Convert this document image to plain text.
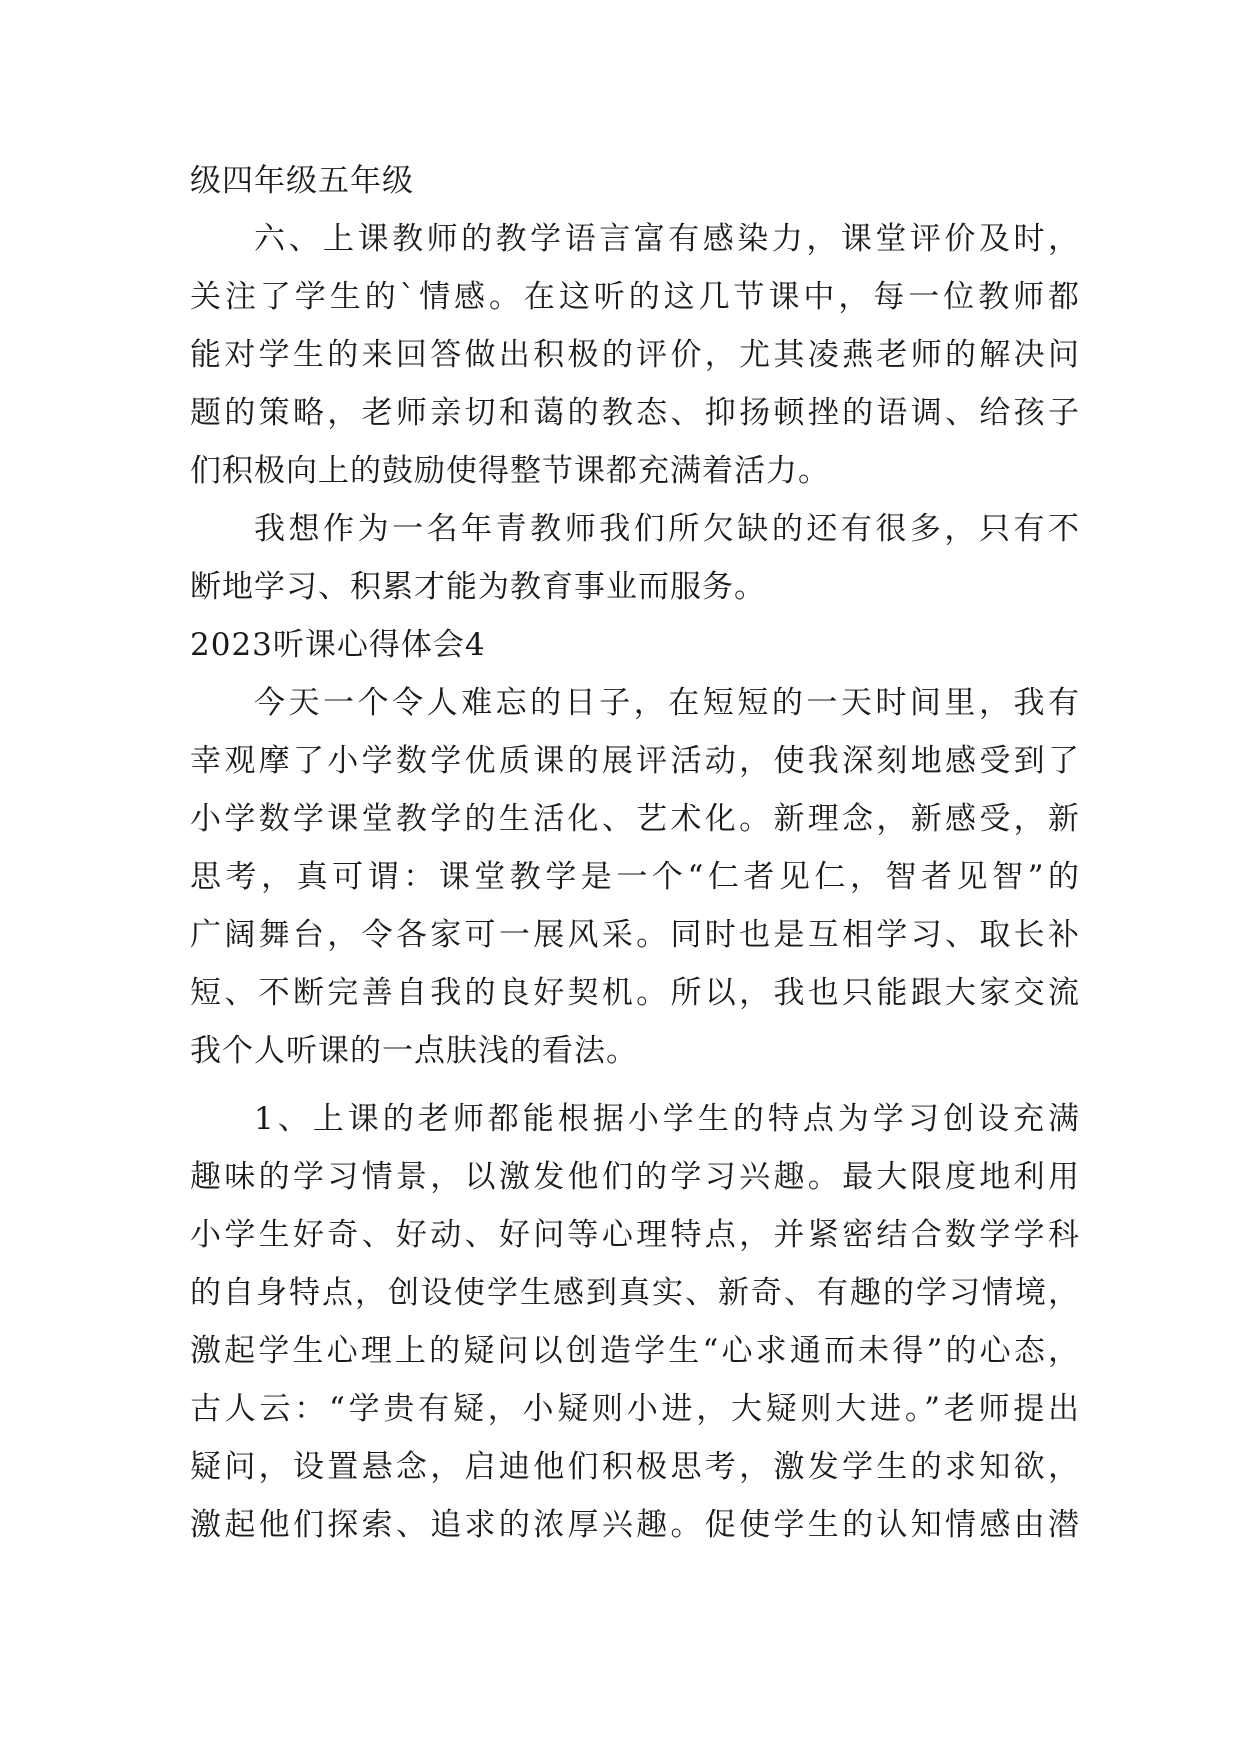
级四年级五年级
六、上课教师的教学语言富有感染力，课堂评价及时，
关注了学生的`情感。在这听的这几节课中，每一位教师都
能对学生的来回答做出积极的评价，尤其凌燕老师的解决问
题的策略，老师亲切和蔼的教态、抑扬顿挫的语调、给孩子
们积极向上的鼓励使得整节课都充满着活力。
我想作为一名年青教师我们所欠缺的还有很多，只有不
断地学习、积累才能为教育事业而服务。
2023听课心得体会4
今天一个令人难忘的日子，在短短的一天时间里，我有
幸观摩了小学数学优质课的展评活动，使我深刻地感受到了
小学数学课堂教学的生活化、艺术化。新理念，新感受，新
思考，真可谓：课堂教学是一个“仁者见仁，智者见智”的
广阔舞台，令各家可一展风采。同时也是互相学习、取长补
短、不断完善自我的良好契机。所以，我也只能跟大家交流
我个人听课的一点肤浅的看法。
1、上课的老师都能根据小学生的特点为学习创设充满
趣味的学习情景，以激发他们的学习兴趣。最大限度地利用
小学生好奇、好动、好问等心理特点，并紧密结合数学学科
的自身特点，创设使学生感到真实、新奇、有趣的学习情境，
激起学生心理上的疑问以创造学生“心求通而未得”的心态，
古人云：“学贵有疑，小疑则小进，大疑则大进。”老师提出
疑问，设置悬念，启迪他们积极思考，激发学生的求知欲，
激起他们探索、追求的浓厚兴趣。促使学生的认知情感由潜
